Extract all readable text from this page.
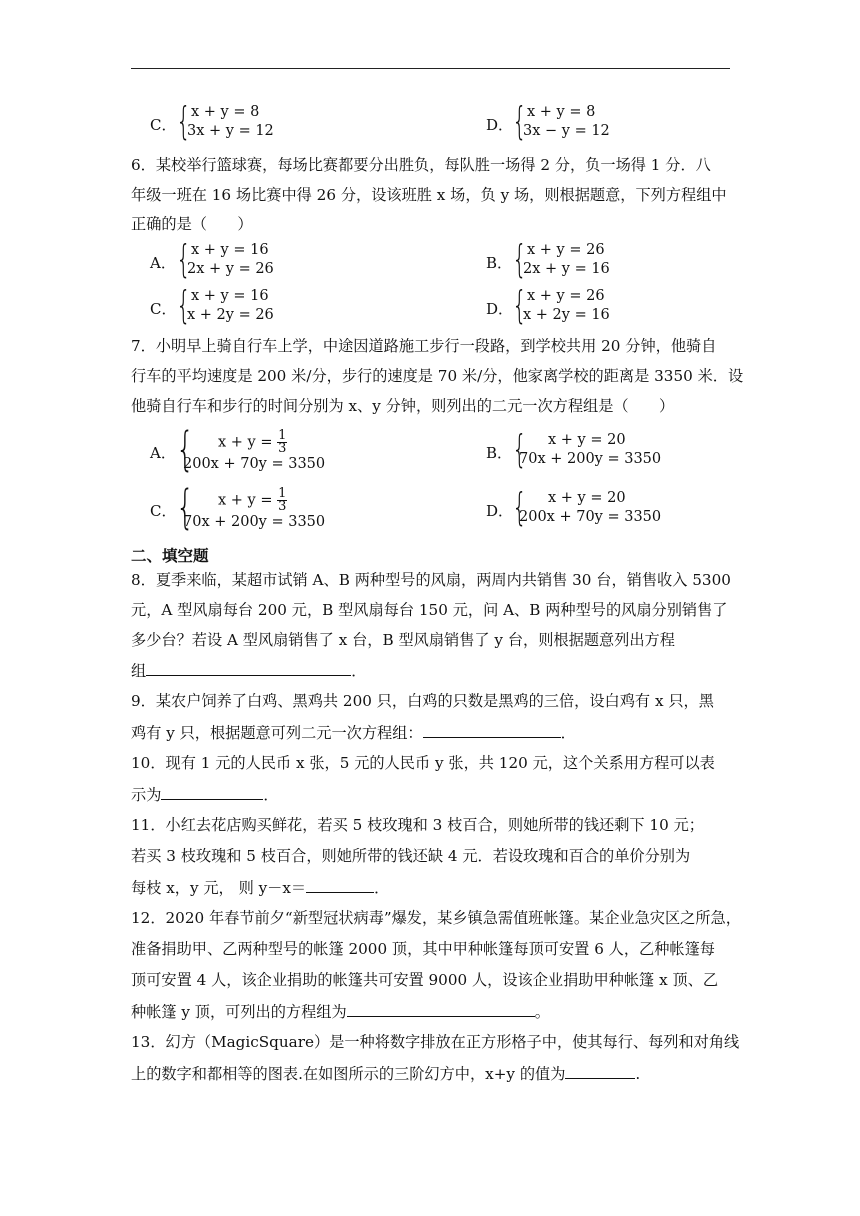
C． { x + y = 8
3x + y = 12	D．
{ x + y = 8
3x − y = 12
6．某校举行篮球赛，每场比赛都要分出胜负，每队胜一场得 2 分，负一场得 1 分．八
年级一班在 16 场比赛中得 26 分，设该班胜 x 场，负 y 场，则根据题意，下列方程组中
正确的是（　　）
A． { x + y = 16
2x + y = 26	B． { x + y = 26
2x + y = 16
C． { x + y = 16
x + 2y = 26	D．
{ x + y = 26
x + 2y = 16
7．小明早上骑自行车上学，中途因道路施工步行一段路，到学校共用 20 分钟，他骑自
行车的平均速度是 200 米/分，步行的速度是 70 米/分，他家离学校的距离是 3350 米．设
他骑自行车和步行的时间分别为 x、y 分钟，则列出的二元一次方程组是（　　）
A． { $x + y = \frac{1}{3}$
200x + 70y = 3350
B． { x + y = 20
70x + 200y = 3350
C． { $x + y = \frac{1}{3}$
70x + 200y = 3350
D．
{ x + y = 20
200x + 70y = 3350
二、填空题
8．夏季来临，某超市试销 A、B 两种型号的风扇，两周内共销售 30 台，销售收入 5300
元，A 型风扇每台 200 元，B 型风扇每台 150 元，问 A、B 两种型号的风扇分别销售了
多少台？若设 A 型风扇销售了 x 台，B 型风扇销售了 y 台，则根据题意列出方程
组	．
9．某农户饲养了白鸡、黑鸡共 200 只，白鸡的只数是黑鸡的三倍，设白鸡有 x 只，黑
鸡有 y 只，根据题意可列二元一次方程组：	．
10．现有 1 元的人民币 x 张，5 元的人民币 y 张，共 120 元，这个关系用方程可以表
示为	．
11．小红去花店购买鲜花，若买 5 枝玫瑰和 3 枝百合，则她所带的钱还剩下 10 元；
若买 3 枝玫瑰和 5 枝百合，则她所带的钱还缺 4 元．若设玫瑰和百合的单价分别为
每枝 x，y 元， 则 y－x＝	．
12．2020 年春节前夕“新型冠状病毒”爆发，某乡镇急需值班帐篷。某企业急灾区之所急，
准备捐助甲、乙两种型号的帐篷 2000 顶，其中甲种帐篷每顶可安置 6 人，乙种帐篷每
顶可安置 4 人，该企业捐助的帐篷共可安置 9000 人，设该企业捐助甲种帐篷 x 顶、乙
种帐篷 y 顶，可列出的方程组为	。
13．幻方（MagicSquare）是一种将数字排放在正方形格子中，使其每行、每列和对角线
上的数字和都相等的图表.在如图所示的三阶幻方中，x+y 的值为	.
